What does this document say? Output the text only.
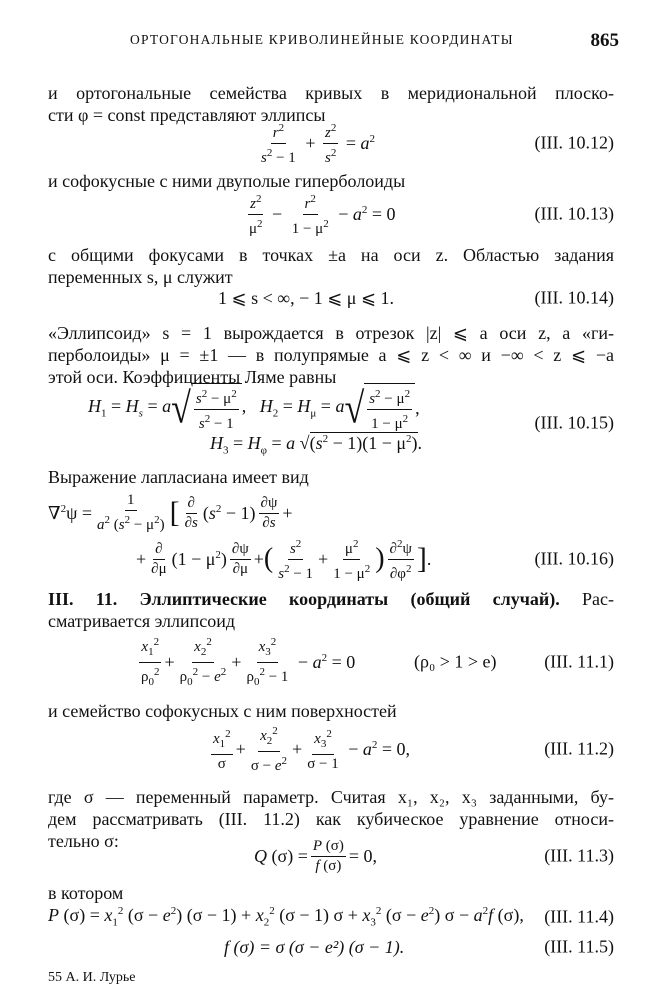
ОРТОГОНАЛЬНЫЕ КРИВОЛИНЕЙНЫЕ КООРДИНАТЫ	865
и ортогональные семейства кривых в меридиональной плоско-
сти φ = const представляют эллипсы
$\frac{r^2}{s^2 - 1} + \frac{z^2}{s^2} = a^2$	(III. 10.12)
и софокусные с ними двуполые гиперболоиды
$\frac{z^2}{\mu^2} - \frac{r^2}{1 - \mu^2} - a^2 = 0$	(III. 10.13)
с общими фокусами в точках ±a на оси z. Областью задания
переменных s, μ служит
1 ⩽ s < ∞, − 1 ⩽ μ ⩽ 1.	(III. 10.14)
«Эллипсоид» s = 1 вырождается в отрезок |z| ⩽ a оси z, а «ги-
перболоиды» μ = ±1 — в полупрямые a ⩽ z < ∞ и −∞ < z ⩽ −a
этой оси. Коэффициенты Ляме равны
$H_1 = H_s = a$ √ $\frac{s^2 - \mu^2}{s^2 - 1}$ ,   $H_2 = H_\mu = a$ √ $\frac{s^2 - \mu^2}{1 - \mu^2}$ ,
$H_3 = H_\varphi = a$ $√(s^2 - 1)(1 - \mu^2)$.
(III. 10.15)
Выражение лапласиана имеет вид
$\nabla^2\psi = \frac{1}{a^2 (s^2 - \mu^2)}$ [ $\frac{\partial}{\partial s} (s^2 - 1) \frac{\partial\psi}{\partial s}$ +
+ $\frac{\partial}{\partial\mu} (1 - \mu^2) \frac{\partial\psi}{\partial\mu}$ + ( $\frac{s^2}{s^2 - 1} + \frac{\mu^2}{1 - \mu^2}$ ) $\frac{\partial^2\psi}{\partial\varphi^2}$ ] .	(III. 10.16)
III. 11. Эллиптические координаты (общий случай). Рас-
сматривается эллипсоид
$\frac{x_1^2}{\rho_0^2} + \frac{x_2^2}{\rho_0^2 - e^2} + \frac{x_3^2}{\rho_0^2 - 1} - a^2 = 0$	(ρ₀ > 1 > e)	(III. 11.1)
и семейство софокусных с ним поверхностей
$\frac{x_1^2}{\sigma} + \frac{x_2^2}{\sigma - e^2} + \frac{x_3^2}{\sigma - 1} - a^2 = 0$,	(III. 11.2)
где σ — переменный параметр. Считая x₁, x₂, x₃ заданными, бу-
дем рассматривать (III. 11.2) как кубическое уравнение относи-
тельно σ:
Q $(\sigma) = \frac{P (\sigma)}{f (\sigma)} = 0$,	(III. 11.3)
в котором
P $(\sigma) = x_1^2$ $(\sigma - e^2)$ $(\sigma - 1) + x_2^2$ (σ − 1) $\sigma + x_3^2$ $(\sigma - e^2)$ $\sigma - a^2f$ (σ), (III. 11.4)
f (σ) = σ (σ − e²) (σ − 1).	(III. 11.5)
55 А. И. Лурье
